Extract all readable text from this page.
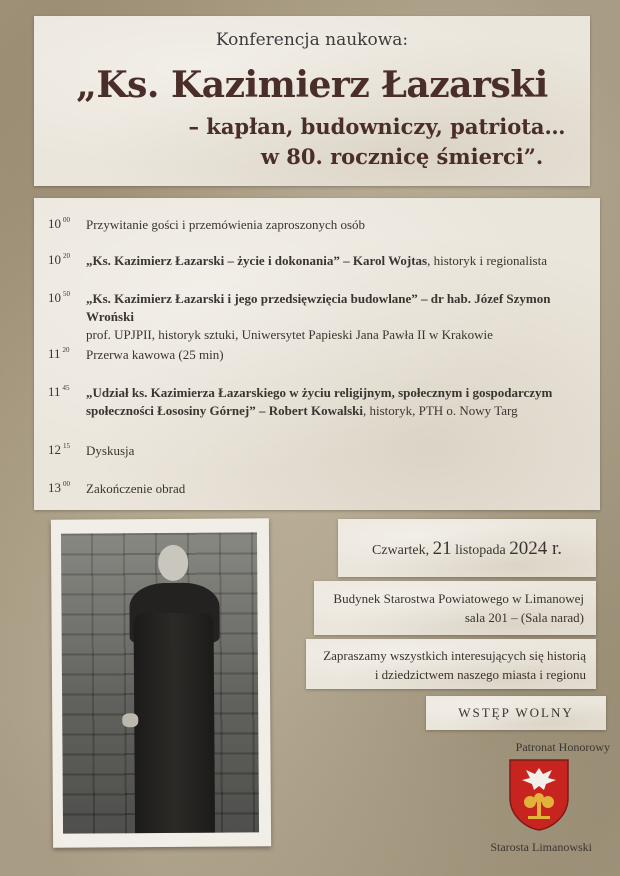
Konferencja naukowa:
„Ks. Kazimierz Łazarski
– kapłan, budowniczy, patriota…
w 80. rocznicę śmierci”.
10 $^{00}$	Przywitanie gości i przemówienia zaproszonych osób
10 $^{20}$	„Ks. Kazimierz Łazarski – życie i dokonania” – Karol Wojtas, historyk i regionalista
10 $^{50}$	„Ks. Kazimierz Łazarski i jego przedsięwzięcia budowlane” – dr hab. Józef Szymon Wroński
prof. UPJPII, historyk sztuki, Uniwersytet Papieski Jana Pawła II w Krakowie
11 $^{20}$	Przerwa kawowa (25 min)
11 $^{45}$	„Udział ks. Kazimierza Łazarskiego w życiu religijnym, społecznym i gospodarczym
społeczności Łososiny Górnej” – Robert Kowalski, historyk, PTH o. Nowy Targ
12 $^{15}$	Dyskusja
13 $^{00}$	Zakończenie obrad
Czwartek, 21 listopada 2024 r.
Budynek Starostwa Powiatowego w Limanowej
sala 201 – (Sala narad)
Zapraszamy wszystkich interesujących się historią
i dziedzictwem naszego miasta i regionu
WSTĘP WOLNY
Patronat Honorowy
Starosta Limanowski
